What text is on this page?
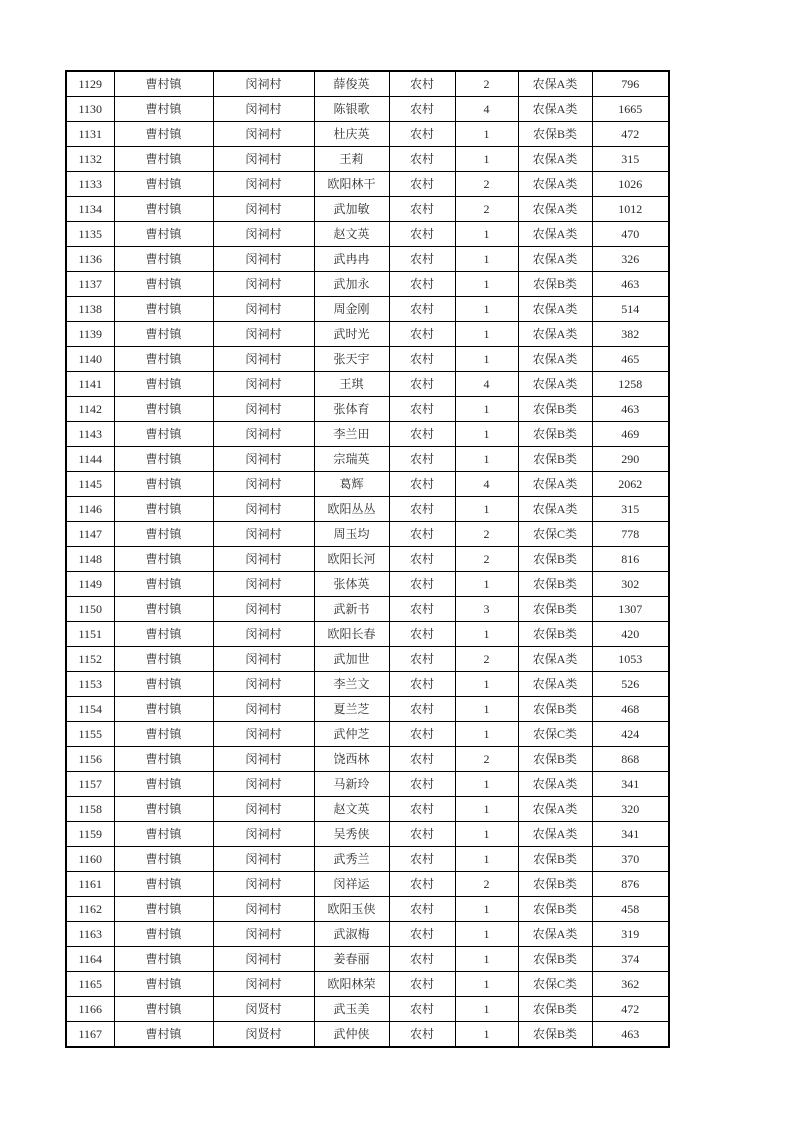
1129	曹村镇	闵祠村	薛俊英	农村	2	农保A类	796
1130	曹村镇	闵祠村	陈银歌	农村	4	农保A类	1665
1131	曹村镇	闵祠村	杜庆英	农村	1	农保B类	472
1132	曹村镇	闵祠村	王莉	农村	1	农保A类	315
1133	曹村镇	闵祠村	欧阳林干	农村	2	农保A类	1026
1134	曹村镇	闵祠村	武加敏	农村	2	农保A类	1012
1135	曹村镇	闵祠村	赵文英	农村	1	农保A类	470
1136	曹村镇	闵祠村	武冉冉	农村	1	农保A类	326
1137	曹村镇	闵祠村	武加永	农村	1	农保B类	463
1138	曹村镇	闵祠村	周金刚	农村	1	农保A类	514
1139	曹村镇	闵祠村	武时光	农村	1	农保A类	382
1140	曹村镇	闵祠村	张天宇	农村	1	农保A类	465
1141	曹村镇	闵祠村	王琪	农村	4	农保A类	1258
1142	曹村镇	闵祠村	张体育	农村	1	农保B类	463
1143	曹村镇	闵祠村	李兰田	农村	1	农保B类	469
1144	曹村镇	闵祠村	宗瑞英	农村	1	农保B类	290
1145	曹村镇	闵祠村	葛辉	农村	4	农保A类	2062
1146	曹村镇	闵祠村	欧阳丛丛	农村	1	农保A类	315
1147	曹村镇	闵祠村	周玉均	农村	2	农保C类	778
1148	曹村镇	闵祠村	欧阳长河	农村	2	农保B类	816
1149	曹村镇	闵祠村	张体英	农村	1	农保B类	302
1150	曹村镇	闵祠村	武新书	农村	3	农保B类	1307
1151	曹村镇	闵祠村	欧阳长春	农村	1	农保B类	420
1152	曹村镇	闵祠村	武加世	农村	2	农保A类	1053
1153	曹村镇	闵祠村	李兰文	农村	1	农保A类	526
1154	曹村镇	闵祠村	夏兰芝	农村	1	农保B类	468
1155	曹村镇	闵祠村	武仲芝	农村	1	农保C类	424
1156	曹村镇	闵祠村	饶西林	农村	2	农保B类	868
1157	曹村镇	闵祠村	马新玲	农村	1	农保A类	341
1158	曹村镇	闵祠村	赵文英	农村	1	农保A类	320
1159	曹村镇	闵祠村	吴秀侠	农村	1	农保A类	341
1160	曹村镇	闵祠村	武秀兰	农村	1	农保B类	370
1161	曹村镇	闵祠村	闵祥运	农村	2	农保B类	876
1162	曹村镇	闵祠村	欧阳玉侠	农村	1	农保B类	458
1163	曹村镇	闵祠村	武淑梅	农村	1	农保A类	319
1164	曹村镇	闵祠村	姜春丽	农村	1	农保B类	374
1165	曹村镇	闵祠村	欧阳林荣	农村	1	农保C类	362
1166	曹村镇	闵贤村	武玉美	农村	1	农保B类	472
1167	曹村镇	闵贤村	武仲侠	农村	1	农保B类	463
